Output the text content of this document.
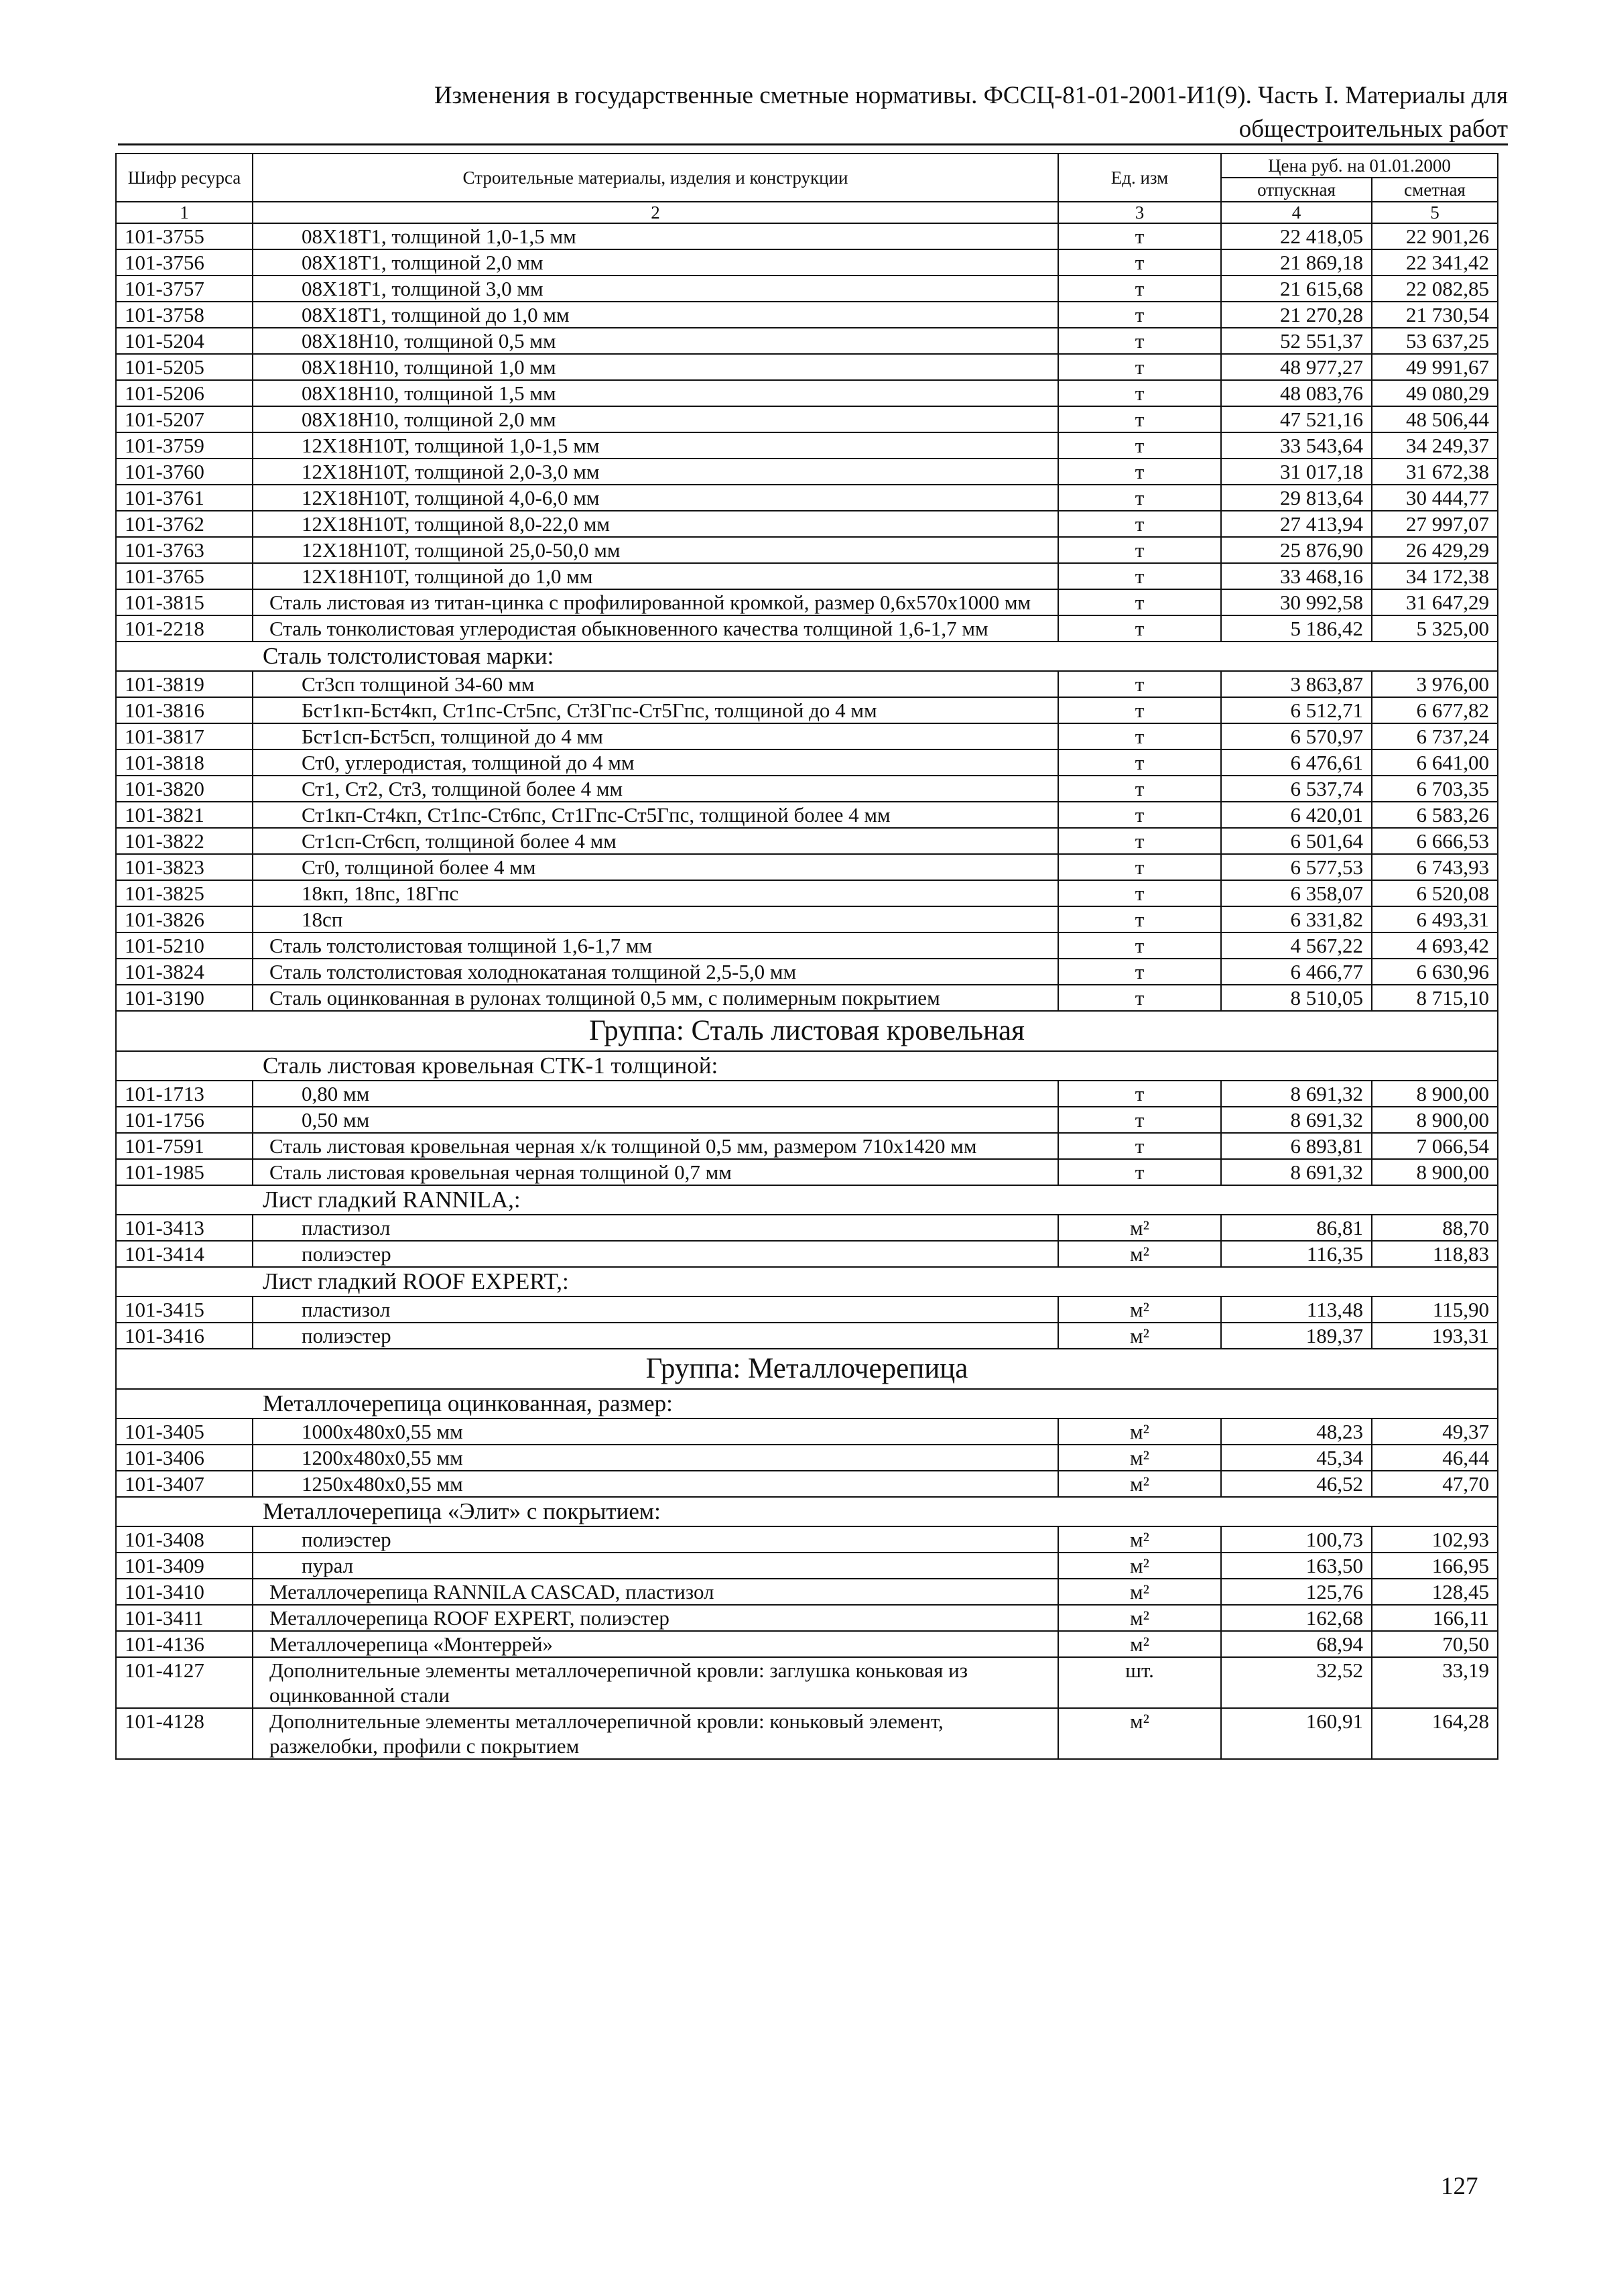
Изменения в государственные сметные нормативы. ФССЦ-81-01-2001-И1(9). Часть I. Материалы для
общестроительных работ
Шифр ресурса	Строительные материалы, изделия и конструкции	Ед. изм	Цена руб. на 01.01.2000	
			отпускная	сметная
1	2	3	4	5
101-3755	08Х18Т1, толщиной 1,0-1,5 мм	т	22 418,05	22 901,26
101-3756	08Х18Т1, толщиной 2,0 мм	т	21 869,18	22 341,42
101-3757	08Х18Т1, толщиной 3,0 мм	т	21 615,68	22 082,85
101-3758	08Х18Т1, толщиной до 1,0 мм	т	21 270,28	21 730,54
101-5204	08Х18Н10, толщиной 0,5 мм	т	52 551,37	53 637,25
101-5205	08Х18Н10, толщиной 1,0 мм	т	48 977,27	49 991,67
101-5206	08Х18Н10, толщиной 1,5 мм	т	48 083,76	49 080,29
101-5207	08Х18Н10, толщиной 2,0 мм	т	47 521,16	48 506,44
101-3759	12Х18Н10Т, толщиной 1,0-1,5 мм	т	33 543,64	34 249,37
101-3760	12Х18Н10Т, толщиной 2,0-3,0 мм	т	31 017,18	31 672,38
101-3761	12Х18Н10Т, толщиной 4,0-6,0 мм	т	29 813,64	30 444,77
101-3762	12Х18Н10Т, толщиной 8,0-22,0 мм	т	27 413,94	27 997,07
101-3763	12Х18Н10Т, толщиной 25,0-50,0 мм	т	25 876,90	26 429,29
101-3765	12Х18Н10Т, толщиной до 1,0 мм	т	33 468,16	34 172,38
101-3815	Сталь листовая из титан-цинка с профилированной кромкой, размер 0,6х570х1000 мм	т	30 992,58	31 647,29
101-2218	Сталь тонколистовая углеродистая обыкновенного качества толщиной 1,6-1,7 мм	т	5 186,42	5 325,00
Сталь толстолистовая марки:				
101-3819	Ст3сп толщиной 34-60 мм	т	3 863,87	3 976,00
101-3816	Бст1кп-Бст4кп, Ст1пс-Ст5пс, Ст3Гпс-Ст5Гпс, толщиной до 4 мм	т	6 512,71	6 677,82
101-3817	Бст1сп-Бст5сп, толщиной до 4 мм	т	6 570,97	6 737,24
101-3818	Ст0, углеродистая, толщиной до 4 мм	т	6 476,61	6 641,00
101-3820	Ст1, Ст2, Ст3, толщиной более 4 мм	т	6 537,74	6 703,35
101-3821	Ст1кп-Ст4кп, Ст1пс-Ст6пс, Ст1Гпс-Ст5Гпс, толщиной более 4 мм	т	6 420,01	6 583,26
101-3822	Ст1сп-Ст6сп, толщиной более 4 мм	т	6 501,64	6 666,53
101-3823	Ст0, толщиной более 4 мм	т	6 577,53	6 743,93
101-3825	18кп, 18пс, 18Гпс	т	6 358,07	6 520,08
101-3826	18сп	т	6 331,82	6 493,31
101-5210	Сталь толстолистовая толщиной 1,6-1,7 мм	т	4 567,22	4 693,42
101-3824	Сталь толстолистовая холоднокатаная толщиной 2,5-5,0 мм	т	6 466,77	6 630,96
101-3190	Сталь оцинкованная в рулонах толщиной 0,5 мм, с полимерным покрытием	т	8 510,05	8 715,10
Группа: Сталь листовая кровельная				
Сталь листовая кровельная СТК-1 толщиной:				
101-1713	0,80 мм	т	8 691,32	8 900,00
101-1756	0,50 мм	т	8 691,32	8 900,00
101-7591	Сталь листовая кровельная черная х/к толщиной 0,5 мм, размером 710х1420 мм	т	6 893,81	7 066,54
101-1985	Сталь листовая кровельная черная толщиной 0,7 мм	т	8 691,32	8 900,00
Лист гладкий RANNILA,:				
101-3413	пластизол	м²	86,81	88,70
101-3414	полиэстер	м²	116,35	118,83
Лист гладкий ROOF EXPERT,:				
101-3415	пластизол	м²	113,48	115,90
101-3416	полиэстер	м²	189,37	193,31
Группа: Металлочерепица				
Металлочерепица оцинкованная, размер:				
101-3405	1000х480х0,55 мм	м²	48,23	49,37
101-3406	1200х480х0,55 мм	м²	45,34	46,44
101-3407	1250х480х0,55 мм	м²	46,52	47,70
Металлочерепица «Элит» с покрытием:				
101-3408	полиэстер	м²	100,73	102,93
101-3409	пурал	м²	163,50	166,95
101-3410	Металлочерепица RANNILA CASCAD, пластизол	м²	125,76	128,45
101-3411	Металлочерепица ROOF EXPERT, полиэстер	м²	162,68	166,11
101-4136	Металлочерепица «Монтеррей»	м²	68,94	70,50
101-4127	Дополнительные элементы металлочерепичной кровли: заглушка коньковая из оцинкованной стали	шт.	32,52	33,19
101-4128	Дополнительные элементы металлочерепичной кровли: коньковый элемент, разжелобки, профили с покрытием	м²	160,91	164,28
127
